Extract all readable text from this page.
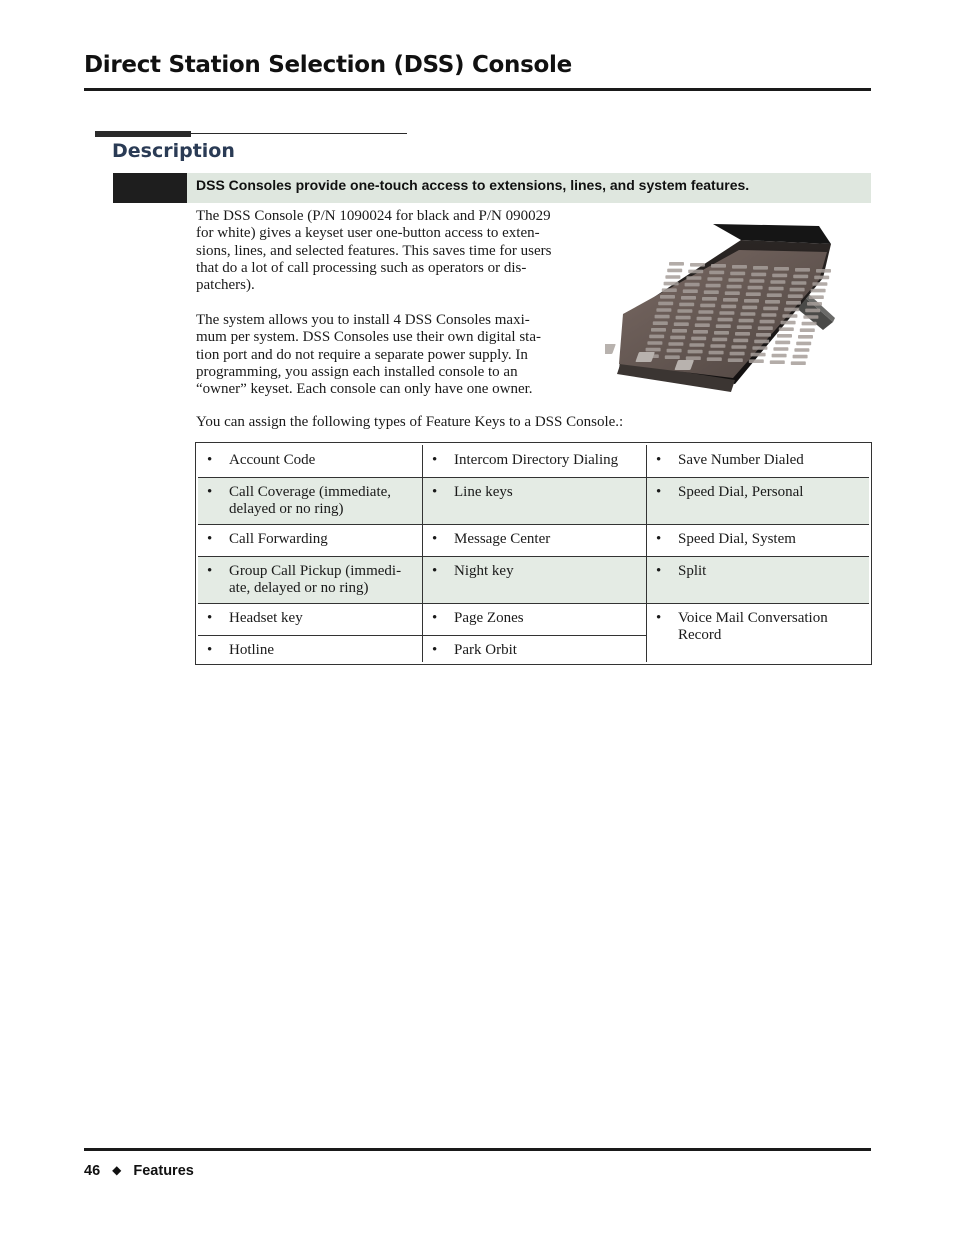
Direct Station Selection (DSS) Console
Description
DSS Consoles provide one-touch access to extensions, lines, and system features.
The DSS Console (P/N 1090024 for black and P/N 090029
for white) gives a keyset user one-button access to exten-
sions, lines, and selected features. This saves time for users
that do a lot of call processing such as operators or dis-
patchers).
The system allows you to install 4 DSS Consoles maxi-
mum per system. DSS Consoles use their own digital sta-
tion port and do not require a separate power supply. In
programming, you assign each installed console to an
“owner” keyset. Each console can only have one owner.
You can assign the following types of Feature Keys to a DSS Console.:
• Account Code	• Intercom Directory Dialing	• Save Number Dialed
• Call Coverage (immediate,
delayed or no ring)
• Line keys	• Speed Dial, Personal
• Call Forwarding	• Message Center	• Speed Dial, System
• Group Call Pickup (immedi-
ate, delayed or no ring)
• Night key	• Split
• Headset key	• Page Zones	• Voice Mail Conversation
Record
• Hotline	• Park Orbit
46 ◆ Features
